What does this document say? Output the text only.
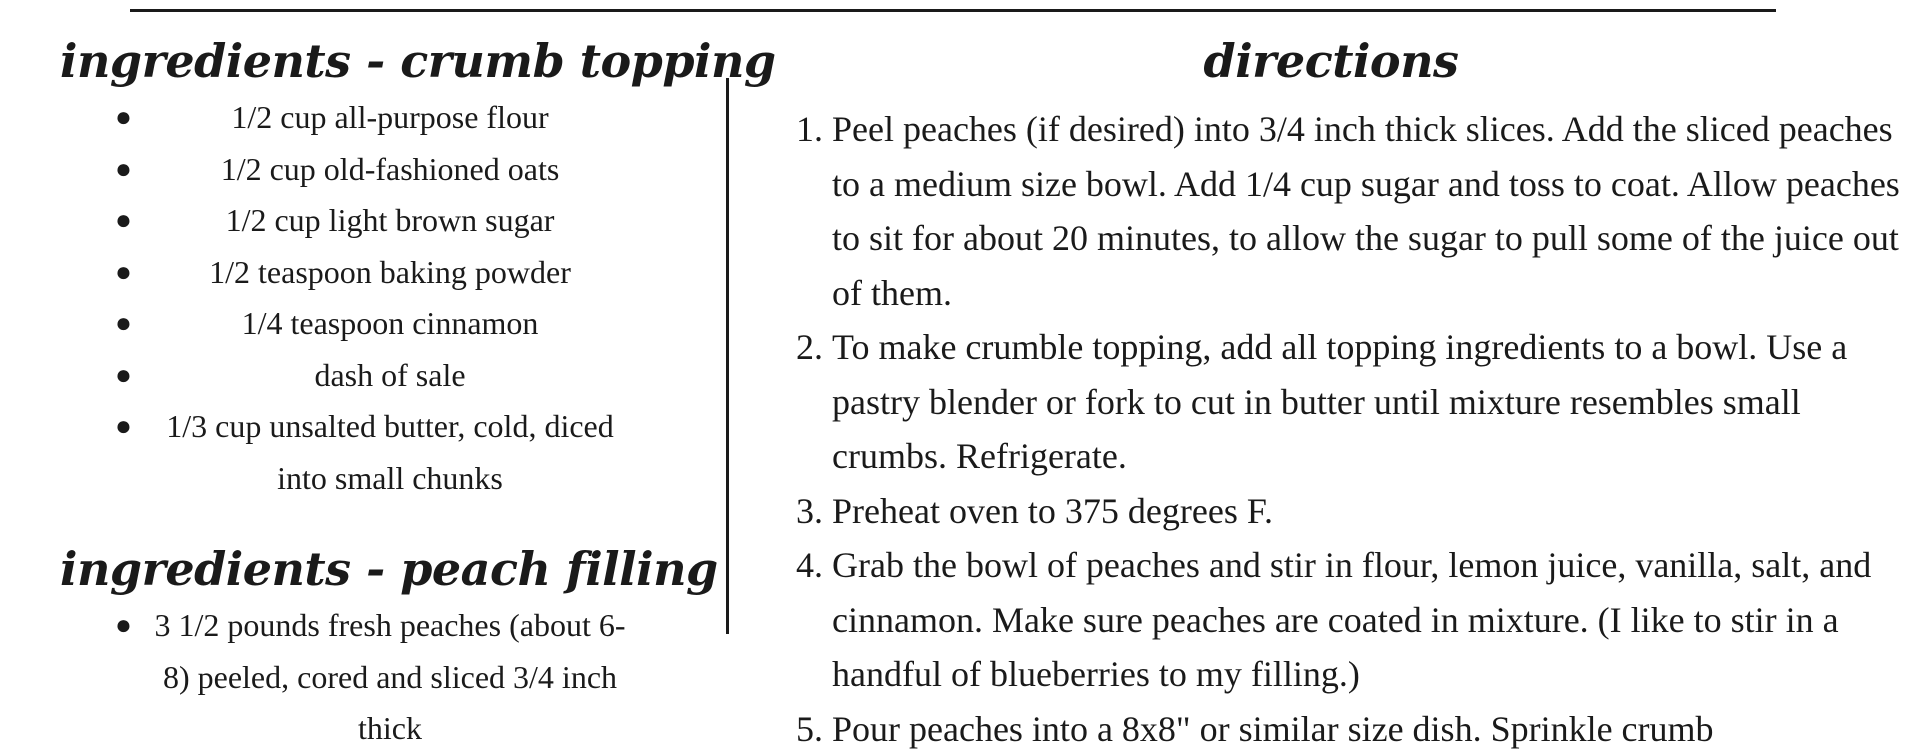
ingredients - crumb topping
●	1/2 cup all-purpose flour
●	1/2 cup old-fashioned oats
●	1/2 cup light brown sugar
● 1/2 teaspoon baking powder
●	1/4 teaspoon cinnamon
●	dash of sale
● 1/3 cup unsalted butter, cold, diced into small chunks
ingredients - peach filling
● 3 1/2 pounds fresh peaches (about 6-8) peeled, cored and sliced 3/4 inch thick
directions
1. Peel peaches (if desired) into 3/4 inch thick slices. Add the sliced peaches to a medium size bowl. Add 1/4 cup sugar and toss to coat. Allow peaches to sit for about 20 minutes, to allow the sugar to pull some of the juice out of them.
2. To make crumble topping, add all topping ingredients to a bowl. Use a pastry blender or fork to cut in butter until mixture resembles small crumbs. Refrigerate.
3. Preheat oven to 375 degrees F.
4. Grab the bowl of peaches and stir in flour, lemon juice, vanilla, salt, and cinnamon. Make sure peaches are coated in mixture. (I like to stir in a handful of blueberries to my filling.)
5. Pour peaches into a 8x8" or similar size dish. Sprinkle crumb
